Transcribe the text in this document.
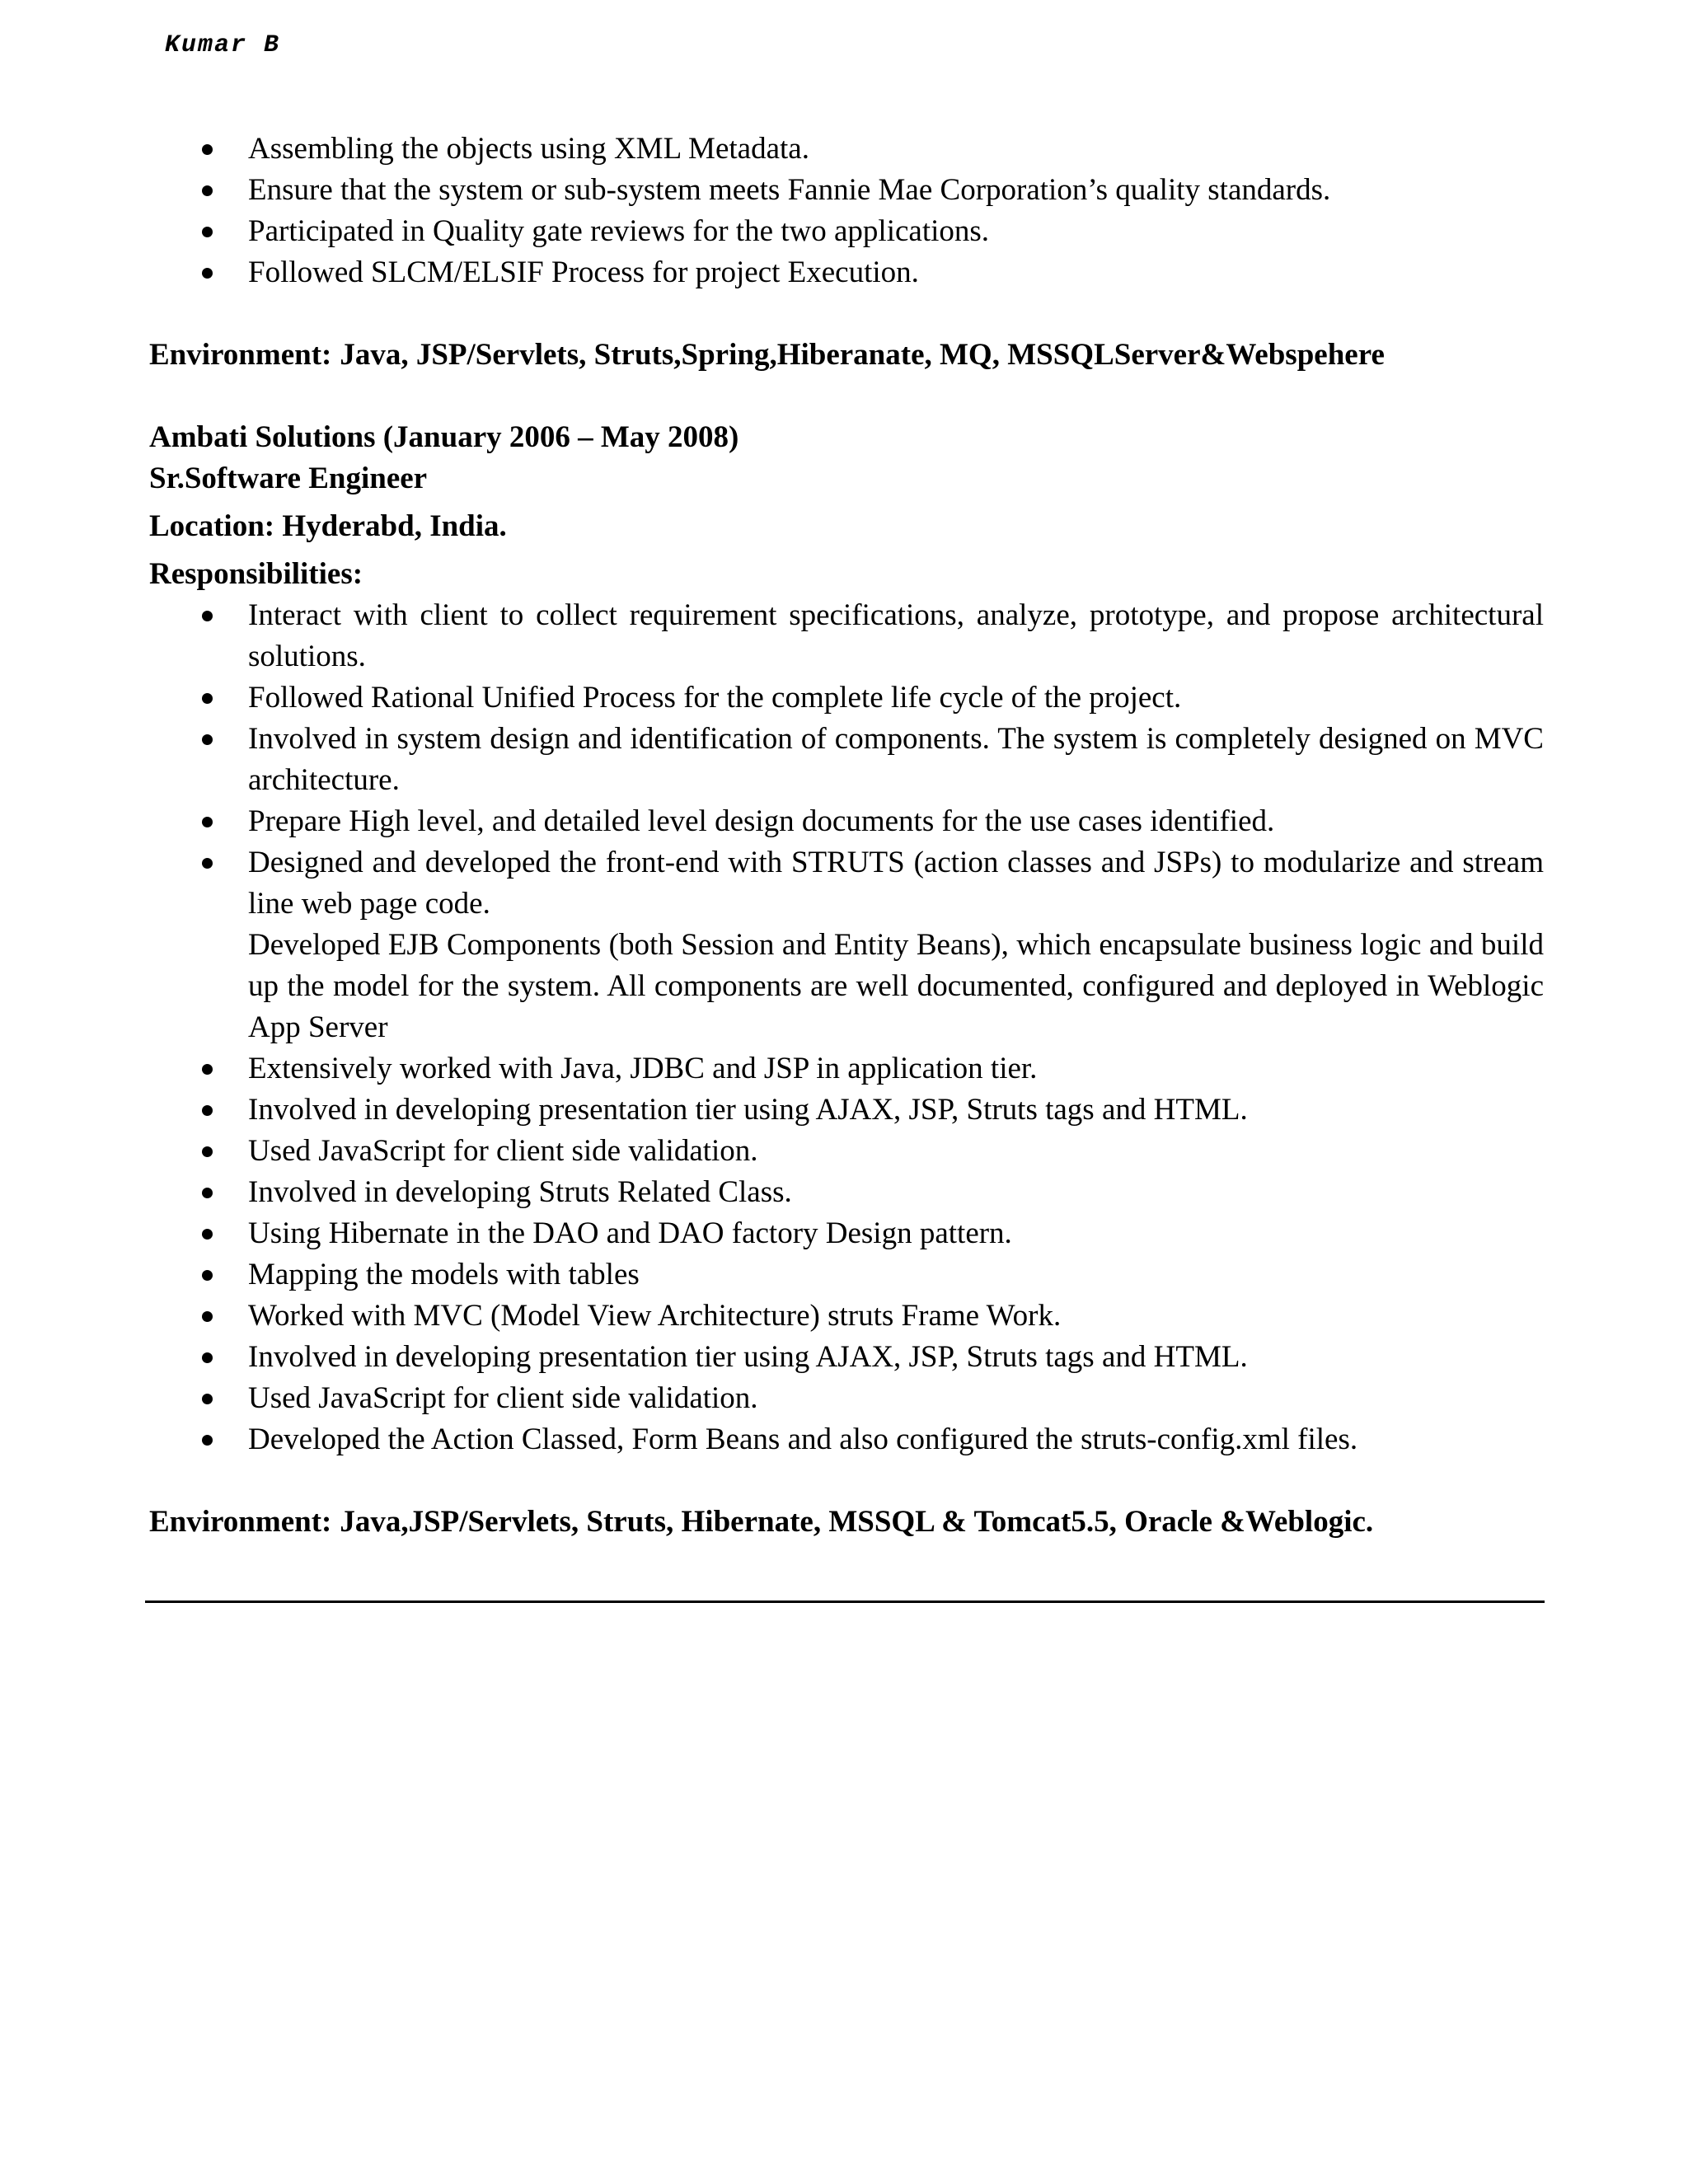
Kumar B
Assembling the objects using XML Metadata.
Ensure that the system or sub-system meets Fannie Mae Corporation’s quality standards.
Participated in Quality gate reviews for the two applications.
Followed SLCM/ELSIF Process for project Execution.
Environment: Java, JSP/Servlets, Struts,Spring,Hiberanate, MQ, MSSQLServer&Webspehere
Ambati Solutions (January 2006 – May 2008)
Sr.Software Engineer
Location: Hyderabd, India.
Responsibilities:
Interact with client to collect requirement specifications, analyze, prototype, and propose architectural solutions.
Followed Rational Unified Process for the complete life cycle of the project.
Involved in system design and identification of components. The system is completely designed on MVC architecture.
Prepare High level, and detailed level design documents for the use cases identified.
Designed and developed the front-end with STRUTS (action classes and JSPs) to modularize and stream line web page code.
Developed EJB Components (both Session and Entity Beans), which encapsulate business logic and build up the model for the system. All components are well documented, configured and deployed in Weblogic App Server
Extensively worked with Java, JDBC and JSP in application tier.
Involved in developing presentation tier using AJAX, JSP, Struts tags and HTML.
Used JavaScript for client side validation.
Involved in developing Struts Related Class.
Using Hibernate in the DAO and DAO factory Design pattern.
Mapping the models with tables
Worked with MVC (Model View Architecture) struts Frame Work.
Involved in developing presentation tier using AJAX, JSP, Struts tags and HTML.
Used JavaScript for client side validation.
Developed the Action Classed, Form Beans and also configured the struts-config.xml files.
Environment: Java,JSP/Servlets, Struts, Hibernate, MSSQL & Tomcat5.5, Oracle &Weblogic.
